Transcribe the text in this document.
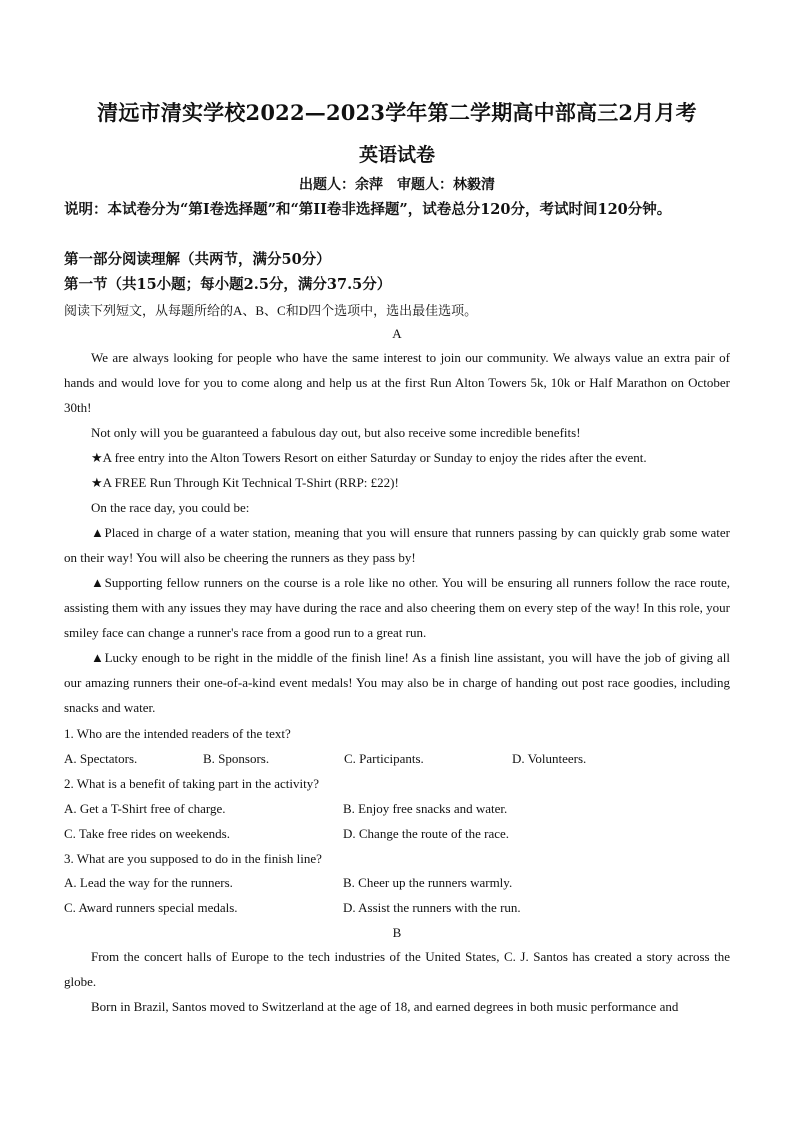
清远市清实学校2022—2023学年第二学期高中部高三2月月考
英语试卷
出题人：余萍　审题人：林毅清
说明：本试卷分为“第Ⅰ卷选择题”和“第II卷非选择题”，试卷总分120分，考试时间120分钟。
第一部分阅读理解（共两节，满分50分）
第一节（共15小题；每小题2.5分，满分37.5分）
阅读下列短文，从每题所给的A、B、C和D四个选项中，选出最佳选项。
A
We are always looking for people who have the same interest to join our community. We always value an extra pair of hands and would love for you to come along and help us at the first Run Alton Towers 5k, 10k or Half Marathon on October 30th!
Not only will you be guaranteed a fabulous day out, but also receive some incredible benefits!
★A free entry into the Alton Towers Resort on either Saturday or Sunday to enjoy the rides after the event.
★A FREE Run Through Kit Technical T-Shirt (RRP: £22)!
On the race day, you could be:
▲Placed in charge of a water station, meaning that you will ensure that runners passing by can quickly grab some water on their way! You will also be cheering the runners as they pass by!
▲Supporting fellow runners on the course is a role like no other. You will be ensuring all runners follow the race route, assisting them with any issues they may have during the race and also cheering them on every step of the way! In this role, your smiley face can change a runner's race from a good run to a great run.
▲Lucky enough to be right in the middle of the finish line! As a finish line assistant, you will have the job of giving all our amazing runners their one-of-a-kind event medals! You may also be in charge of handing out post race goodies, including snacks and water.
1. Who are the intended readers of the text?
A. Spectators.	B. Sponsors.	C. Participants.	D. Volunteers.
2. What is a benefit of taking part in the activity?
A. Get a T-Shirt free of charge.	B. Enjoy free snacks and water.
C. Take free rides on weekends.	D. Change the route of the race.
3. What are you supposed to do in the finish line?
A. Lead the way for the runners.	B. Cheer up the runners warmly.
C. Award runners special medals.	D. Assist the runners with the run.
B
From the concert halls of Europe to the tech industries of the United States, C. J. Santos has created a story across the globe.
Born in Brazil, Santos moved to Switzerland at the age of 18, and earned degrees in both music performance and
